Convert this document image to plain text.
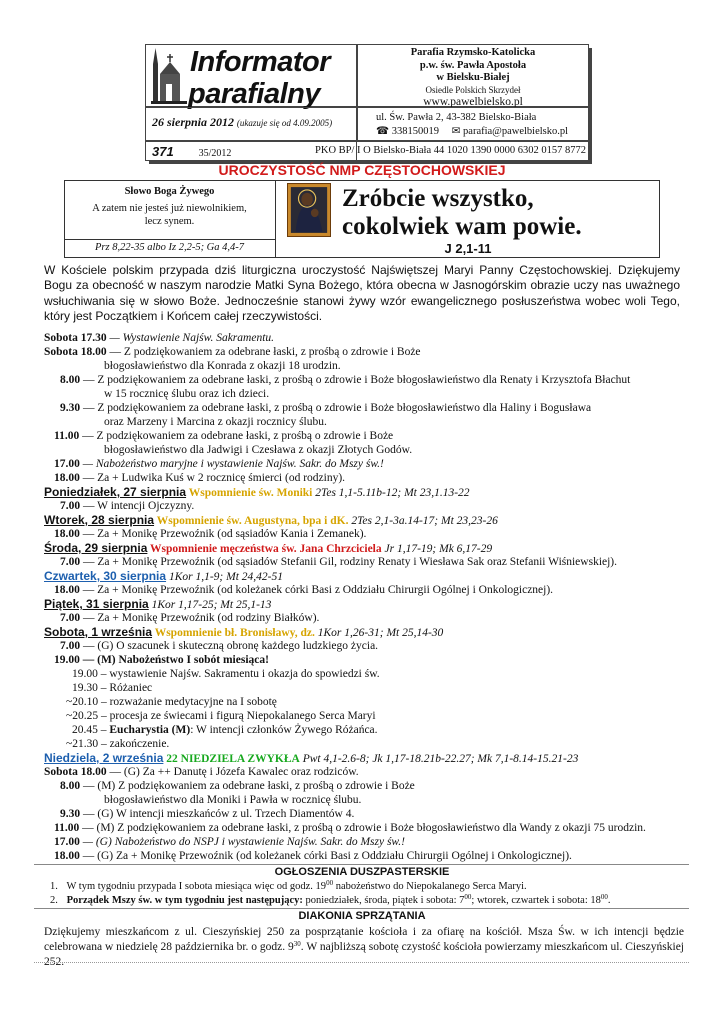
Informator
parafialny
26 sierpnia 2012 (ukazuje się od 4.09.2005)
371 35/2012
Parafia Rzymsko-Katolicka
p.w. św. Pawła Apostoła
w Bielsku-Białej
Osiedle Polskich Skrzydeł
www.pawelbielsko.pl
ul. Św. Pawła 2, 43-382 Bielsko-Biała
☎ 338150019 ✉ parafia@pawelbielsko.pl
PKO BP/ I O Bielsko-Biała 44 1020 1390 0000 6302 0157 8772
UROCZYSTOŚĆ NMP CZĘSTOCHOWSKIEJ
Słowo Boga Żywego
A zatem nie jesteś już niewolnikiem,
lecz synem.
Zróbcie wszystko,
cokolwiek wam powie.
Prz 8,22-35 albo Iz 2,2-5; Ga 4,4-7	J 2,1-11
W Kościele polskim przypada dziś liturgiczna uroczystość Najświętszej Maryi Panny Częstochowskiej. Dziękujemy Bogu za obecność w naszym narodzie Matki Syna Bożego, która obecna w Jasnogórskim obrazie uczy nas uważnego wsłuchiwania się w słowo Boże. Jednocześnie stanowi żywy wzór ewangelicznego posłuszeństwa wobec woli Tego, który jest Początkiem i Końcem całej rzeczywistości.
Sobota 17.30 — Wystawienie Najśw. Sakramentu.
Sobota 18.00 — Z podziękowaniem za odebrane łaski, z prośbą o zdrowie i Boże
błogosławieństwo dla Konrada z okazji 18 urodzin.
8.00 — Z podziękowaniem za odebrane łaski, z prośbą o zdrowie i Boże błogosławieństwo dla Renaty i Krzysztofa Błachut
w 15 rocznicę ślubu oraz ich dzieci.
9.30 — Z podziękowaniem za odebrane łaski, z prośbą o zdrowie i Boże błogosławieństwo dla Haliny i Bogusława
oraz Marzeny i Marcina z okazji rocznicy ślubu.
11.00 — Z podziękowaniem za odebrane łaski, z prośbą o zdrowie i Boże
błogosławieństwo dla Jadwigi i Czesława z okazji Złotych Godów.
17.00 — Nabożeństwo maryjne i wystawienie Najśw. Sakr. do Mszy św.!
18.00 — Za + Ludwika Kuś w 2 rocznicę śmierci (od rodziny).
Poniedziałek, 27 sierpnia Wspomnienie św. Moniki 2Tes 1,1-5.11b-12; Mt 23,1.13-22
7.00 — W intencji Ojczyzny.
Wtorek, 28 sierpnia Wspomnienie św. Augustyna, bpa i dK. 2Tes 2,1-3a.14-17; Mt 23,23-26
18.00 — Za + Monikę Przewoźnik (od sąsiadów Kania i Zemanek).
Środa, 29 sierpnia Wspomnienie męczeństwa św. Jana Chrzciciela Jr 1,17-19; Mk 6,17-29
7.00 — Za + Monikę Przewoźnik (od sąsiadów Stefanii Gil, rodziny Renaty i Wiesława Sak oraz Stefanii Wiśniewskiej).
Czwartek, 30 sierpnia 1Kor 1,1-9; Mt 24,42-51
18.00 — Za + Monikę Przewoźnik (od koleżanek córki Basi z Oddziału Chirurgii Ogólnej i Onkologicznej).
Piątek, 31 sierpnia 1Kor 1,17-25; Mt 25,1-13
7.00 — Za + Monikę Przewoźnik (od rodziny Białków).
Sobota, 1 września Wspomnienie bł. Bronisławy, dz. 1Kor 1,26-31; Mt 25,14-30
7.00 — (G) O szacunek i skuteczną obronę każdego ludzkiego życia.
19.00 — (M) Nabożeństwo I sobót miesiąca!
19.00 – wystawienie Najśw. Sakramentu i okazja do spowiedzi św.
19.30 – Różaniec
~20.10 – rozważanie medytacyjne na I sobotę
~20.25 – procesja ze świecami i figurą Niepokalanego Serca Maryi
20.45 – Eucharystia (M): W intencji członków Żywego Różańca.
~21.30 – zakończenie.
Niedziela, 2 września 22 NIEDZIELA ZWYKŁA Pwt 4,1-2.6-8; Jk 1,17-18.21b-22.27; Mk 7,1-8.14-15.21-23
Sobota 18.00 — (G) Za ++ Danutę i Józefa Kawalec oraz rodziców.
8.00 — (M) Z podziękowaniem za odebrane łaski, z prośbą o zdrowie i Boże
błogosławieństwo dla Moniki i Pawła w rocznicę ślubu.
9.30 — (G) W intencji mieszkańców z ul. Trzech Diamentów 4.
11.00 — (M) Z podziękowaniem za odebrane łaski, z prośbą o zdrowie i Boże błogosławieństwo dla Wandy z okazji 75 urodzin.
17.00 — (G) Nabożeństwo do NSPJ i wystawienie Najśw. Sakr. do Mszy św.!
18.00 — (G) Za + Monikę Przewoźnik (od koleżanek córki Basi z Oddziału Chirurgii Ogólnej i Onkologicznej).
OGŁOSZENIA DUSZPASTERSKIE
1. W tym tygodniu przypada I sobota miesiąca więc od godz. $19^{00}$ nabożeństwo do Niepokalanego Serca Maryi.
2. Porządek Mszy św. w tym tygodniu jest następujący: poniedziałek, środa, piątek i sobota: $7^{00}$; wtorek, czwartek i sobota: $18^{00}$.
DIAKONIA SPRZĄTANIA
Dziękujemy mieszkańcom z ul. Cieszyńskiej 250 za posprzątanie kościoła i za ofiarę na kościół. Msza Św. w ich intencji będzie celebrowana w niedzielę 28 października br. o godz. $9^{30}$. W najbliższą sobotę czystość kościoła powierzamy mieszkańcom ul. Cieszyńskiej 252.
